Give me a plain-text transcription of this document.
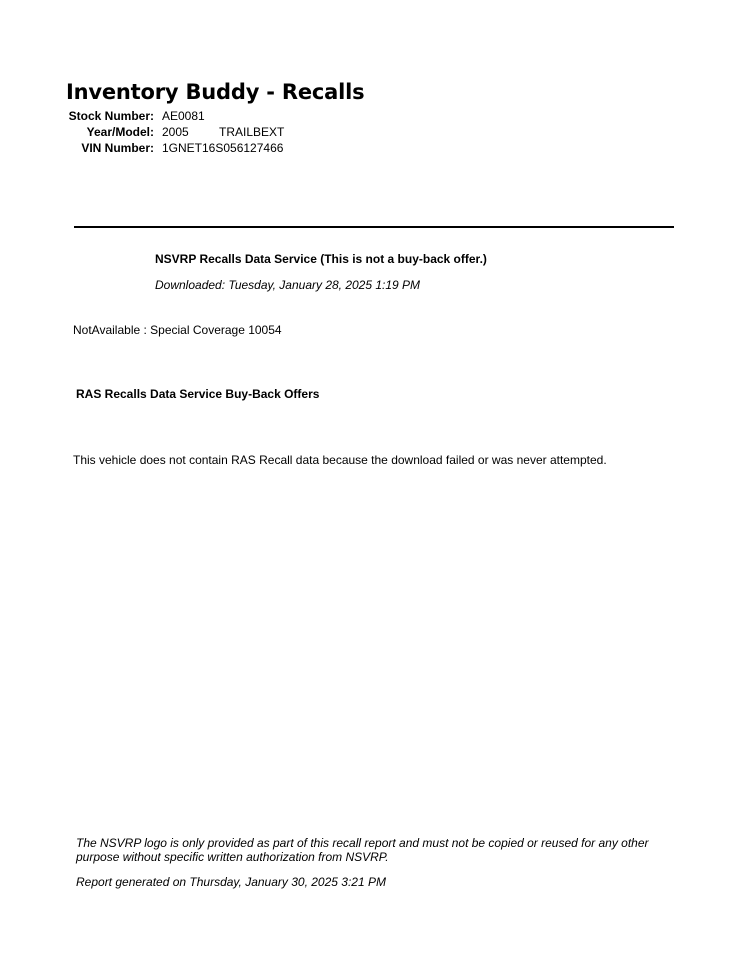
Inventory Buddy - Recalls
Stock Number: AE0081
Year/Model: 2005	TRAILBEXT
VIN Number: 1GNET16S056127466
NSVRP Recalls Data Service (This is not a buy-back offer.)
Downloaded: Tuesday, January 28, 2025 1:19 PM
NotAvailable : Special Coverage 10054
RAS Recalls Data Service Buy-Back Offers
This vehicle does not contain RAS Recall data because the download failed or was never attempted.
The NSVRP logo is only provided as part of this recall report and must not be copied or reused for any other purpose without specific written authorization from NSVRP.
Report generated on Thursday, January 30, 2025 3:21 PM
